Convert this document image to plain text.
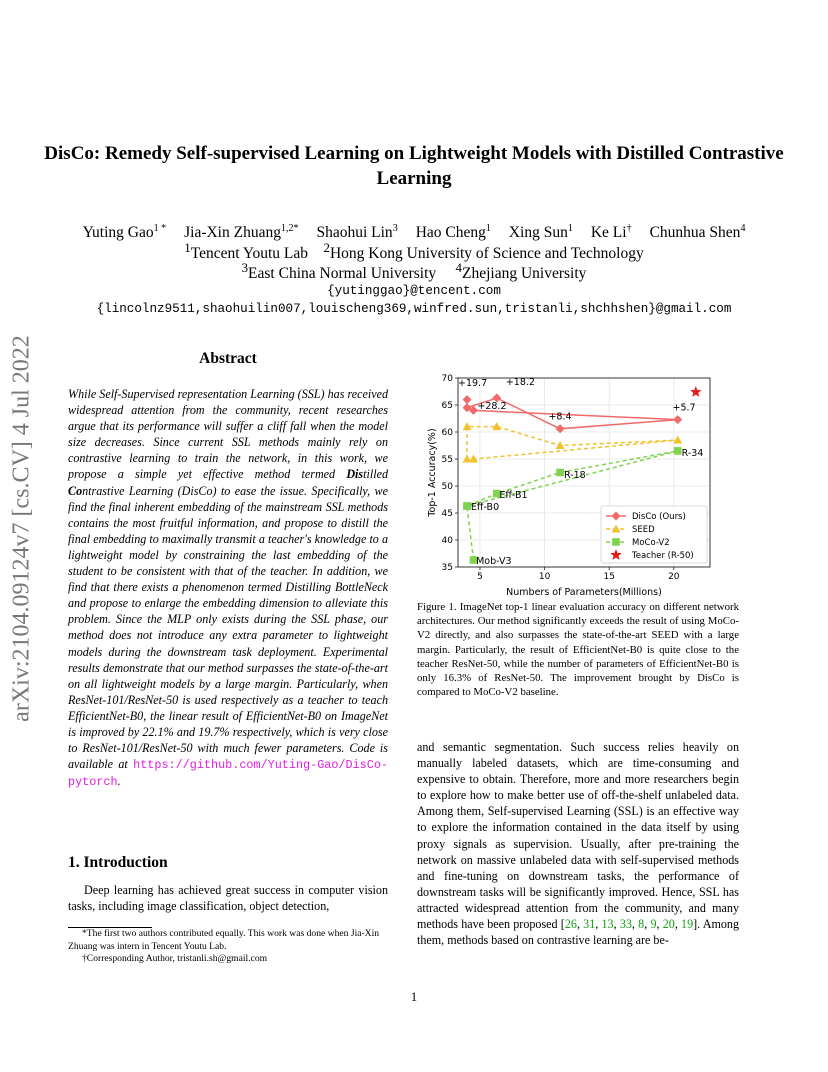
arXiv:2104.09124v7 [cs.CV] 4 Jul 2022
DisCo: Remedy Self-supervised Learning on Lightweight Models with Distilled Contrastive Learning
Yuting Gao$^{1 *}$ Jia-Xin Zhuang$^{1,2*}$ Shaohui Lin$^3$ Hao Cheng$^1$ Xing Sun$^1$ Ke Li† Chunhua Shen$^4$
$^1$Tencent Youtu Lab $^2$Hong Kong University of Science and Technology
$^3$East China Normal University $^4$Zhejiang University
{yutinggao}@tencent.com
{lincolnz9511,shaohuilin007,louischeng369,winfred.sun,tristanli,shchhshen}@gmail.com
Abstract
While Self-Supervised representation Learning (SSL) has received widespread attention from the community, recent researches argue that its performance will suffer a cliff fall when the model size decreases. Since current SSL methods mainly rely on contrastive learning to train the network, in this work, we propose a simple yet effective method termed Distilled Contrastive Learning (DisCo) to ease the issue. Specifically, we find the final inherent embedding of the mainstream SSL methods contains the most fruitful information, and propose to distill the final embedding to maximally transmit a teacher's knowledge to a lightweight model by constraining the last embedding of the student to be consistent with that of the teacher. In addition, we find that there exists a phenomenon termed Distilling BottleNeck and propose to enlarge the embedding dimension to alleviate this problem. Since the MLP only exists during the SSL phase, our method does not introduce any extra parameter to lightweight models during the downstream task deployment. Experimental results demonstrate that our method surpasses the state-of-the-art on all lightweight models by a large margin. Particularly, when ResNet-101/ResNet-50 is used respectively as a teacher to teach EfficientNet-B0, the linear result of EfficientNet-B0 on ImageNet is improved by 22.1% and 19.7% respectively, which is very close to ResNet-101/ResNet-50 with much fewer parameters. Code is available at https://github.com/Yuting-Gao/DisCo-pytorch.
1. Introduction
Deep learning has achieved great success in computer vision tasks, including image classification, object detection,

*The first two authors contributed equally. This work was done when Jia-Xin Zhuang was intern in Tencent Youtu Lab.

†Corresponding Author, tristanli.sh@gmail.com

5	10	15	20
35
40
45
50
55
60
65
70
Numbers of Parameters(Millions)
Top-1 Accuracy(%)
+19.7 +18.2
+28.2
+8.4
+5.7
R-34
R-18
Eff-B1
Eff-B0
Mob-V3
DisCo (Ours)
SEED
MoCo-V2
Teacher (R-50)
Figure 1. ImageNet top-1 linear evaluation accuracy on different network architectures. Our method significantly exceeds the result of using MoCo-V2 directly, and also surpasses the state-of-the-art SEED with a large margin. Particularly, the result of EfficientNet-B0 is quite close to the teacher ResNet-50, while the number of parameters of EfficientNet-B0 is only 16.3% of ResNet-50. The improvement brought by DisCo is compared to MoCo-V2 baseline.
and semantic segmentation. Such success relies heavily on manually labeled datasets, which are time-consuming and expensive to obtain. Therefore, more and more researchers begin to explore how to make better use of off-the-shelf unlabeled data. Among them, Self-supervised Learning (SSL) is an effective way to explore the information contained in the data itself by using proxy signals as supervision. Usually, after pre-training the network on massive unlabeled data with self-supervised methods and fine-tuning on downstream tasks, the performance of downstream tasks will be significantly improved. Hence, SSL has attracted widespread attention from the community, and many methods have been proposed [26, 31, 13, 33, 8, 9, 20, 19]. Among them, methods based on contrastive learning are be-
1
